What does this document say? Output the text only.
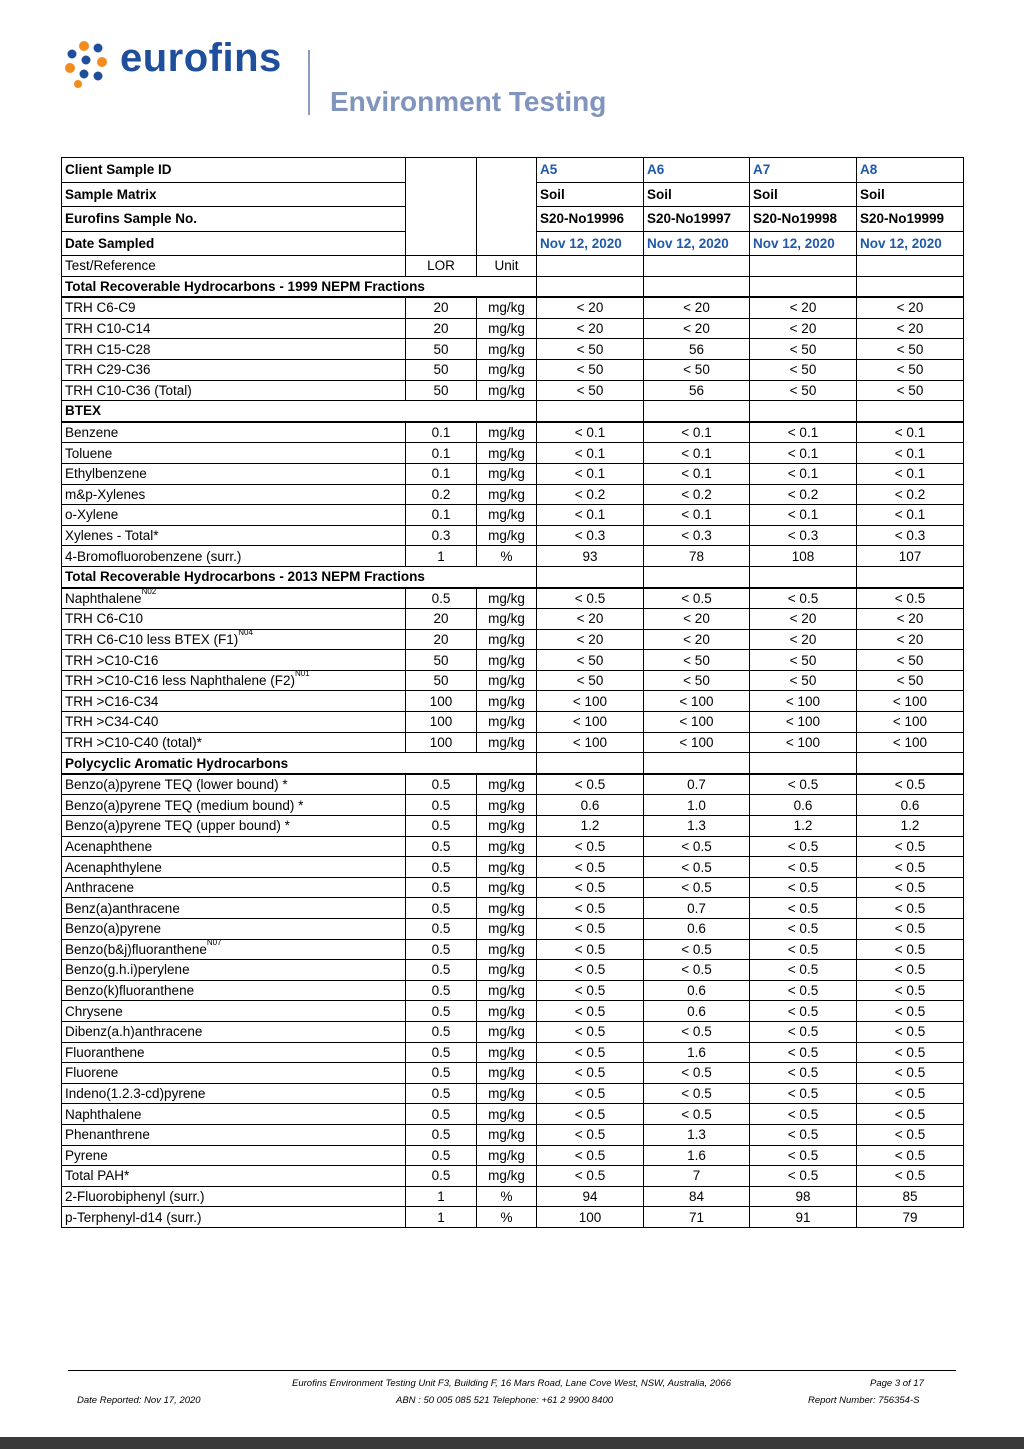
eurofins
Environment Testing
Client Sample ID			A5	A6	A7	A8
Sample Matrix			Soil	Soil	Soil	Soil
Eurofins Sample No.			S20-No19996	S20-No19997	S20-No19998	S20-No19999
Date Sampled			Nov 12, 2020	Nov 12, 2020	Nov 12, 2020	Nov 12, 2020
Test/Reference	LOR	Unit				
Total Recoverable Hydrocarbons - 1999 NEPM Fractions						
TRH C6-C9	20	mg/kg	< 20	< 20	< 20	< 20
TRH C10-C14	20	mg/kg	< 20	< 20	< 20	< 20
TRH C15-C28	50	mg/kg	< 50	56	< 50	< 50
TRH C29-C36	50	mg/kg	< 50	< 50	< 50	< 50
TRH C10-C36 (Total)	50	mg/kg	< 50	56	< 50	< 50
BTEX						
Benzene	0.1	mg/kg	< 0.1	< 0.1	< 0.1	< 0.1
Toluene	0.1	mg/kg	< 0.1	< 0.1	< 0.1	< 0.1
Ethylbenzene	0.1	mg/kg	< 0.1	< 0.1	< 0.1	< 0.1
m&p-Xylenes	0.2	mg/kg	< 0.2	< 0.2	< 0.2	< 0.2
o-Xylene	0.1	mg/kg	< 0.1	< 0.1	< 0.1	< 0.1
Xylenes - Total*	0.3	mg/kg	< 0.3	< 0.3	< 0.3	< 0.3
4-Bromofluorobenzene (surr.)	1	%	93	78	108	107
Total Recoverable Hydrocarbons - 2013 NEPM Fractions						
Naphthalene$^{N02}$	0.5	mg/kg	< 0.5	< 0.5	< 0.5	< 0.5
TRH C6-C10	20	mg/kg	< 20	< 20	< 20	< 20
TRH C6-C10 less BTEX $(F1)^{N04}$	20	mg/kg	< 20	< 20	< 20	< 20
TRH >C10-C16	50	mg/kg	< 50	< 50	< 50	< 50
TRH >C10-C16 less Naphthalene $(F2)^{N01}$	50	mg/kg	< 50	< 50	< 50	< 50
TRH >C16-C34	100	mg/kg	< 100	< 100	< 100	< 100
TRH >C34-C40	100	mg/kg	< 100	< 100	< 100	< 100
TRH >C10-C40 (total)*	100	mg/kg	< 100	< 100	< 100	< 100
Polycyclic Aromatic Hydrocarbons						
Benzo(a)pyrene TEQ (lower bound) *	0.5	mg/kg	< 0.5	0.7	< 0.5	< 0.5
Benzo(a)pyrene TEQ (medium bound) *	0.5	mg/kg	0.6	1.0	0.6	0.6
Benzo(a)pyrene TEQ (upper bound) *	0.5	mg/kg	1.2	1.3	1.2	1.2
Acenaphthene	0.5	mg/kg	< 0.5	< 0.5	< 0.5	< 0.5
Acenaphthylene	0.5	mg/kg	< 0.5	< 0.5	< 0.5	< 0.5
Anthracene	0.5	mg/kg	< 0.5	< 0.5	< 0.5	< 0.5
Benz(a)anthracene	0.5	mg/kg	< 0.5	0.7	< 0.5	< 0.5
Benzo(a)pyrene	0.5	mg/kg	< 0.5	0.6	< 0.5	< 0.5
Benzo(b&j)fluoranthene$^{N07}$	0.5	mg/kg	< 0.5	< 0.5	< 0.5	< 0.5
Benzo(g.h.i)perylene	0.5	mg/kg	< 0.5	< 0.5	< 0.5	< 0.5
Benzo(k)fluoranthene	0.5	mg/kg	< 0.5	0.6	< 0.5	< 0.5
Chrysene	0.5	mg/kg	< 0.5	0.6	< 0.5	< 0.5
Dibenz(a.h)anthracene	0.5	mg/kg	< 0.5	< 0.5	< 0.5	< 0.5
Fluoranthene	0.5	mg/kg	< 0.5	1.6	< 0.5	< 0.5
Fluorene	0.5	mg/kg	< 0.5	< 0.5	< 0.5	< 0.5
Indeno(1.2.3-cd)pyrene	0.5	mg/kg	< 0.5	< 0.5	< 0.5	< 0.5
Naphthalene	0.5	mg/kg	< 0.5	< 0.5	< 0.5	< 0.5
Phenanthrene	0.5	mg/kg	< 0.5	1.3	< 0.5	< 0.5
Pyrene	0.5	mg/kg	< 0.5	1.6	< 0.5	< 0.5
Total PAH*	0.5	mg/kg	< 0.5	7	< 0.5	< 0.5
2-Fluorobiphenyl (surr.)	1	%	94	84	98	85
p-Terphenyl-d14 (surr.)	1	%	100	71	91	79
Eurofins Environment Testing Unit F3, Building F, 16 Mars Road, Lane Cove West, NSW, Australia, 2066	Page 3 of 17
Date Reported: Nov 17, 2020	ABN : 50 005 085 521 Telephone: +61 2 9900 8400	Report Number: 756354-S
